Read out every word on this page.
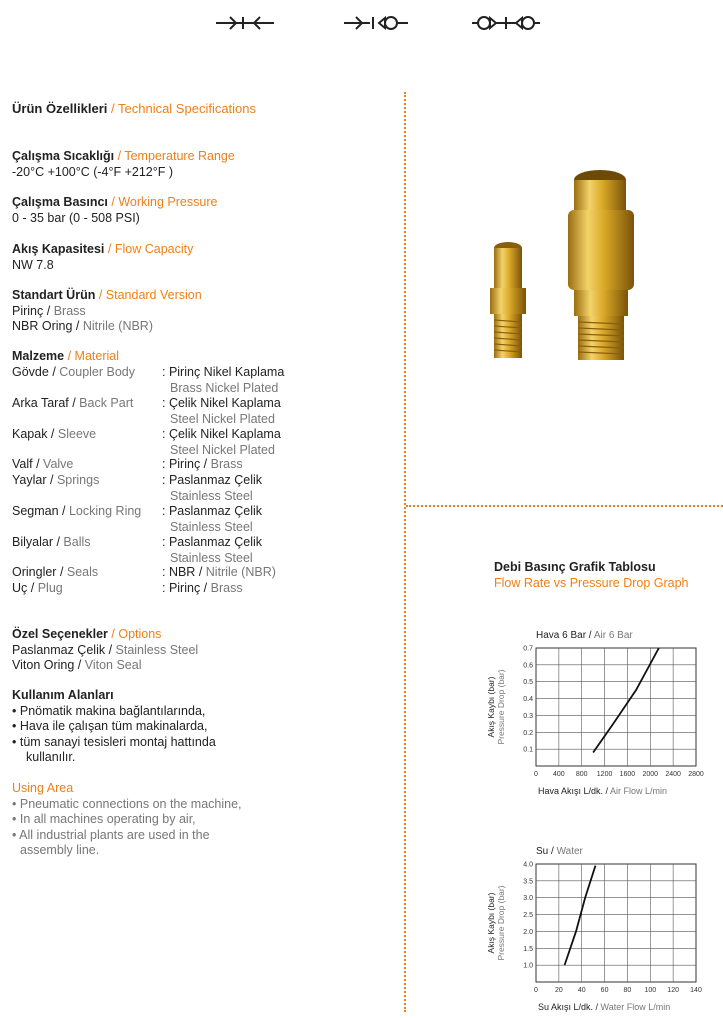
Ürün Özellikleri / Technical Specifications
Çalışma Sıcaklığı / Temperature Range
-20°C +100°C (-4°F +212°F )
Çalışma Basıncı / Working Pressure
0 - 35 bar (0 - 508 PSI)
Akış Kapasitesi / Flow Capacity
NW 7.8
Standart Ürün / Standard Version
Pirinç / Brass
NBR Oring / Nitrile (NBR)
Malzeme / Material
Gövde / Coupler Body : Pirinç Nikel Kaplama
Brass Nickel Plated
Arka Taraf / Back Part : Çelik Nikel Kaplama
Steel Nickel Plated
Kapak / Sleeve	: Çelik Nikel Kaplama
Steel Nickel Plated
Valf / Valve	: Pirinç / Brass
Yaylar / Springs	: Paslanmaz Çelik
Stainless Steel
Segman / Locking Ring : Paslanmaz Çelik
Stainless Steel
Bilyalar / Balls	: Paslanmaz Çelik
Stainless Steel
Oringler / Seals	: NBR / Nitrile (NBR)
Uç / Plug	: Pirinç / Brass
Özel Seçenekler / Options
Paslanmaz Çelik / Stainless Steel
Viton Oring / Viton Seal
Kullanım Alanları
• Pnömatik makina bağlantılarında,
• Hava ile çalışan tüm makinalarda,
• tüm sanayi tesisleri montaj hattında
kullanılır.
Using Area
• Pneumatic connections on the machine,
• In all machines operating by air,
• All industrial plants are used in the
assembly line.
Debi Basınç Grafik Tablosu
Flow Rate vs Pressure Drop Graph
Hava 6 Bar / Air 6 Bar
0 400 800 1200 1600 2000 2400 2800
0.1
0.2
0.3
0.4
0.5
0.6
0.7
Akış Kaybı (bar) Pressure Drop (bar)
Hava Akışı L/dk. / Air Flow L/min
Su / Water
0 20 40 60 80 100 120 140
1.0
1.5
2.0
2.5
3.0
3.5
4.0
Akış Kaybı (bar) Pressure Drop (bar)
Su Akışı L/dk. / Water Flow L/min
